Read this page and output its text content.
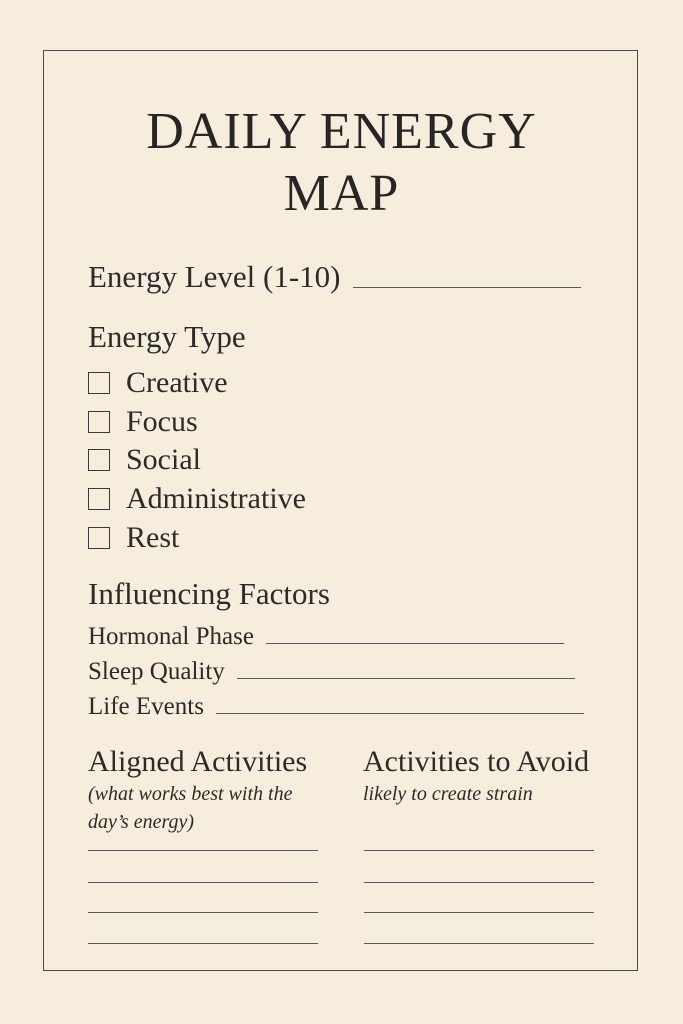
DAILY ENERGY
MAP
Energy Level (1-10)
Energy Type
Creative
Focus
Social
Administrative
Rest
Influencing Factors
Hormonal Phase
Sleep Quality
Life Events
Aligned Activities
(what works best with the day’s energy)
Activities to Avoid
likely to create strain
